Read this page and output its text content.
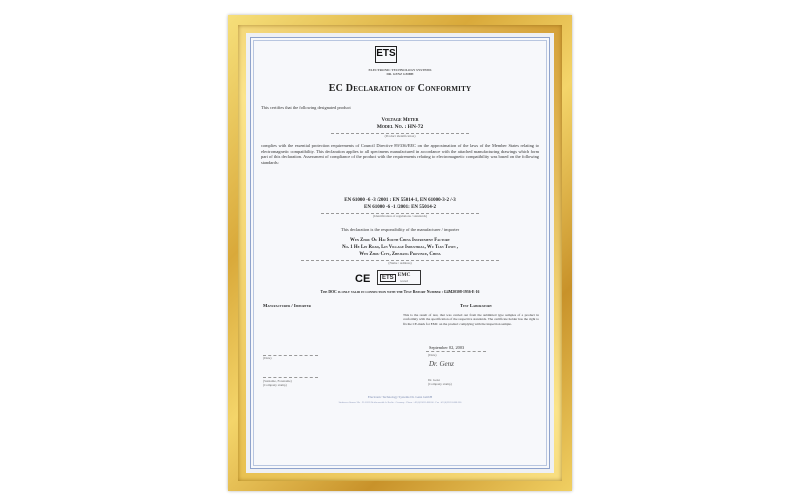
ETS
ELECTRONIC TECHNOLOGY SYSTEMS
DR. GENZ GMBH
EC Declaration of Conformity
This certifies that the following designated product
Voltage Meter
Model No. : HN-72
(Product identification)

complies with the essential protection requirements of Council Directive 89/336/EEC on the approximation of the laws of the Member States relating to electromagnetic compatibility. This declaration applies to all specimens manufactured in accordance with the attached manufacturing drawings which form part of this declaration. Assessment of compliance of the product with the requirements relating to electromagnetic compatibility was based on the following standards:

EN 61000 -6 -3 /2001 : EN 55014-1, EN 61000-3-2 /-3
EN 61000 -6 -1 /2001: EN 55014-2
(Identification of regulations / standards)
This declaration is the responsibility of the manufacturer / importer
Wen Zhou Ou Hai South China Instrument Factory
No. 1 He Lin Road, Lin Village Industrial, Wu Tian Town ,
Wen Zhou City, Zhejiang Province, China
(Name / Address)
CE	ETS EMC
tested
The DOC is only valid in connection with the Test Report Number : G4M20308-1936-E-16
Manufacturer / Importer	Test Laboratory

This is the result of test, that was carried out from the submitted type samples of a product in conformity with the specification of the respective standards. The certificate holder has the right to fix the CE-mark for EMC on the product complying with the inspection sample.

September 02, 2003
(Date)
(Date)
Dr. Genz
(Surname, Forename)
(Company stamp)
Dr. Genz
(Company stamp)
Electronic Technology Systems Dr. Genz GmbH
Storkower Strasse 38c · D-15526 Reichenwalde b. Berlin · Germany · Phone +49 (0)33631-888 00 · Fax +49 (0)33631-888 660
